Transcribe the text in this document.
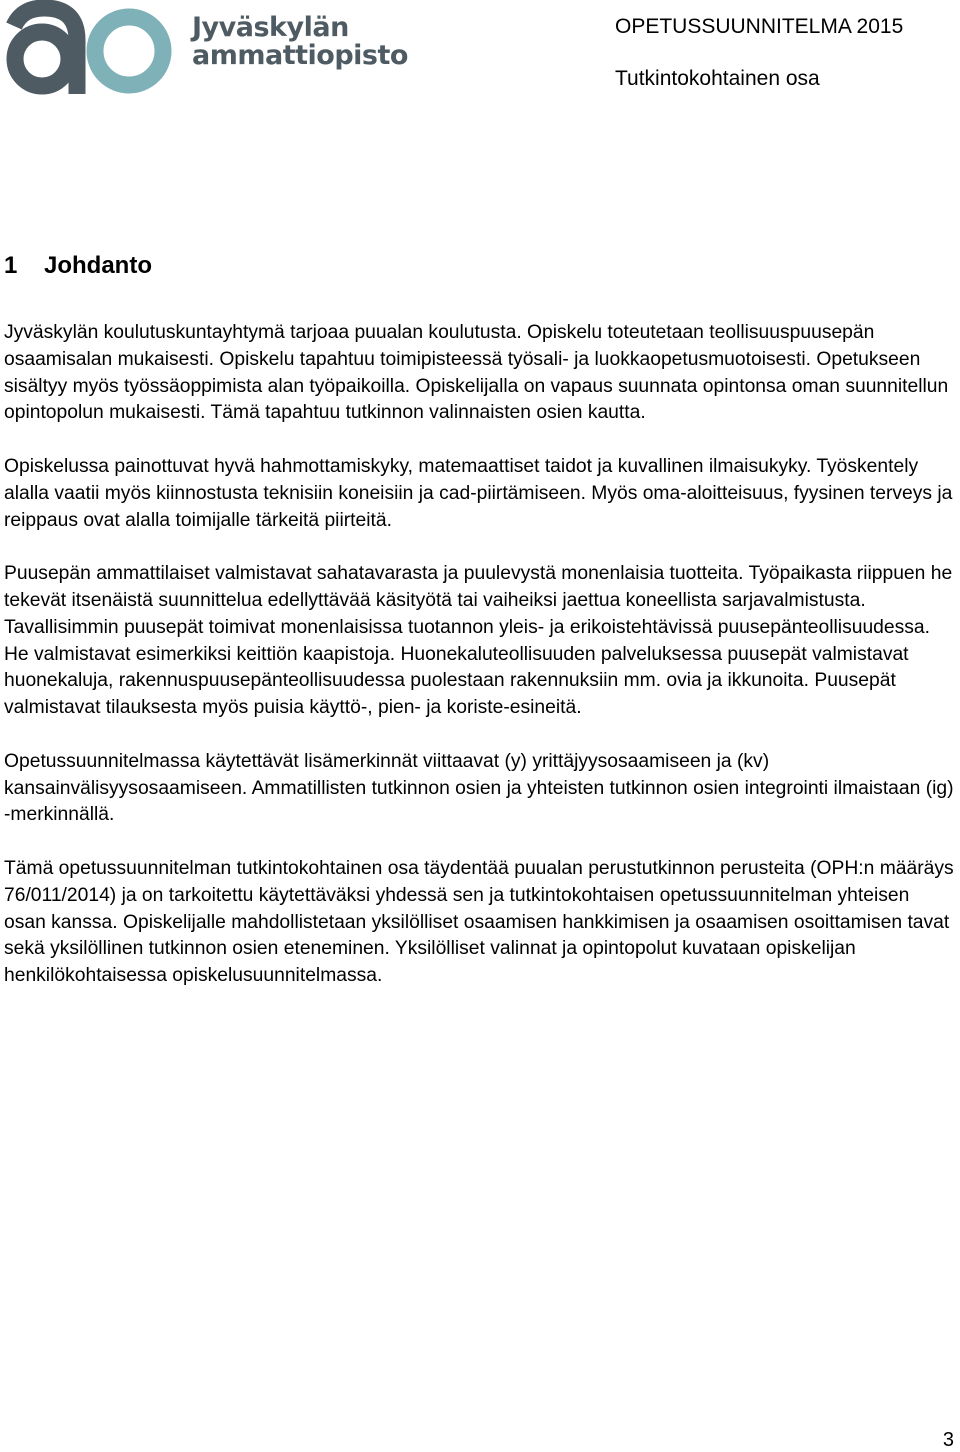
Jyväskylän
ammattiopisto
OPETUSSUUNNITELMA 2015
Tutkintokohtainen osa
1 Johdanto

Jyväskylän koulutuskuntayhtymä tarjoaa puualan koulutusta. Opiskelu toteutetaan teollisuuspuusepän osaamisalan mukaisesti. Opiskelu tapahtuu toimipisteessä työsali- ja luokkaopetusmuotoisesti. Opetukseen sisältyy myös työssäoppimista alan työpaikoilla. Opiskelijalla on vapaus suunnata opintonsa oman suunnitellun opintopolun mukaisesti. Tämä tapahtuu tutkinnon valinnaisten osien kautta.

Opiskelussa painottuvat hyvä hahmottamiskyky, matemaattiset taidot ja kuvallinen ilmaisukyky. Työskentely alalla vaatii myös kiinnostusta teknisiin koneisiin ja cad-piirtämiseen. Myös oma-aloitteisuus, fyysinen terveys ja reippaus ovat alalla toimijalle tärkeitä piirteitä.

Puusepän ammattilaiset valmistavat sahatavarasta ja puulevystä monenlaisia tuotteita. Työpaikasta riippuen he tekevät itsenäistä suunnittelua edellyttävää käsityötä tai vaiheiksi jaettua koneellista sarjavalmistusta. Tavallisimmin puusepät toimivat monenlaisissa tuotannon yleis- ja erikoistehtävissä puusepänteollisuudessa. He valmistavat esimerkiksi keittiön kaapistoja. Huonekaluteollisuuden palveluksessa puusepät valmistavat huonekaluja, rakennuspuusepänteollisuudessa puolestaan rakennuksiin mm. ovia ja ikkunoita. Puusepät valmistavat tilauksesta myös puisia käyttö-, pien- ja koriste-esineitä.

Opetussuunnitelmassa käytettävät lisämerkinnät viittaavat (y) yrittäjyysosaamiseen ja (kv) kansainvälisyysosaamiseen. Ammatillisten tutkinnon osien ja yhteisten tutkinnon osien integrointi ilmaistaan (ig) -merkinnällä.

Tämä opetussuunnitelman tutkintokohtainen osa täydentää puualan perustutkinnon perusteita (OPH:n määräys 76/011/2014) ja on tarkoitettu käytettäväksi yhdessä sen ja tutkintokohtaisen opetussuunnitelman yhteisen osan kanssa. Opiskelijalle mahdollistetaan yksilölliset osaamisen hankkimisen ja osaamisen osoittamisen tavat sekä yksilöllinen tutkinnon osien eteneminen. Yksilölliset valinnat ja opintopolut kuvataan opiskelijan henkilökohtaisessa opiskelusuunnitelmassa.

3
